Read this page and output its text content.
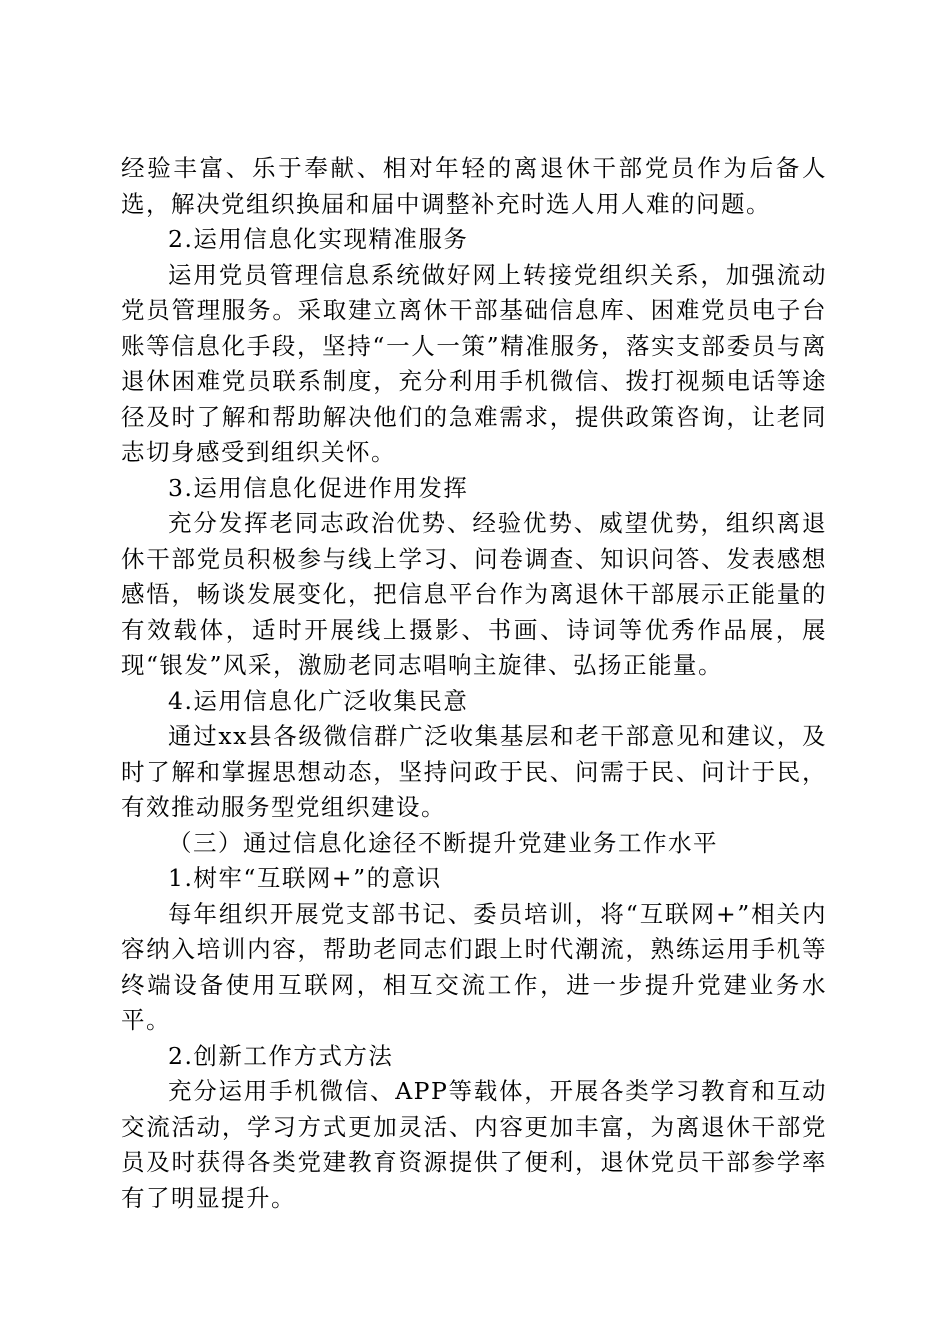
经验丰富、乐于奉献、相对年轻的离退休干部党员作为后备人选，解决党组织换届和届中调整补充时选人用人难的问题。

2.运用信息化实现精准服务

运用党员管理信息系统做好网上转接党组织关系，加强流动党员管理服务。采取建立离休干部基础信息库、困难党员电子台账等信息化手段，坚持“一人一策”精准服务，落实支部委员与离退休困难党员联系制度，充分利用手机微信、拨打视频电话等途径及时了解和帮助解决他们的急难需求，提供政策咨询，让老同志切身感受到组织关怀。

3.运用信息化促进作用发挥

充分发挥老同志政治优势、经验优势、威望优势，组织离退休干部党员积极参与线上学习、问卷调查、知识问答、发表感想感悟，畅谈发展变化，把信息平台作为离退休干部展示正能量的有效载体，适时开展线上摄影、书画、诗词等优秀作品展，展现“银发”风采，激励老同志唱响主旋律、弘扬正能量。

4.运用信息化广泛收集民意

通过xx县各级微信群广泛收集基层和老干部意见和建议，及时了解和掌握思想动态，坚持问政于民、问需于民、问计于民，有效推动服务型党组织建设。

（三）通过信息化途径不断提升党建业务工作水平

1.树牢“互联网+”的意识

每年组织开展党支部书记、委员培训，将“互联网+”相关内容纳入培训内容，帮助老同志们跟上时代潮流，熟练运用手机等终端设备使用互联网，相互交流工作，进一步提升党建业务水平。

2.创新工作方式方法

充分运用手机微信、APP等载体，开展各类学习教育和互动交流活动，学习方式更加灵活、内容更加丰富，为离退休干部党员及时获得各类党建教育资源提供了便利，退休党员干部参学率有了明显提升。
